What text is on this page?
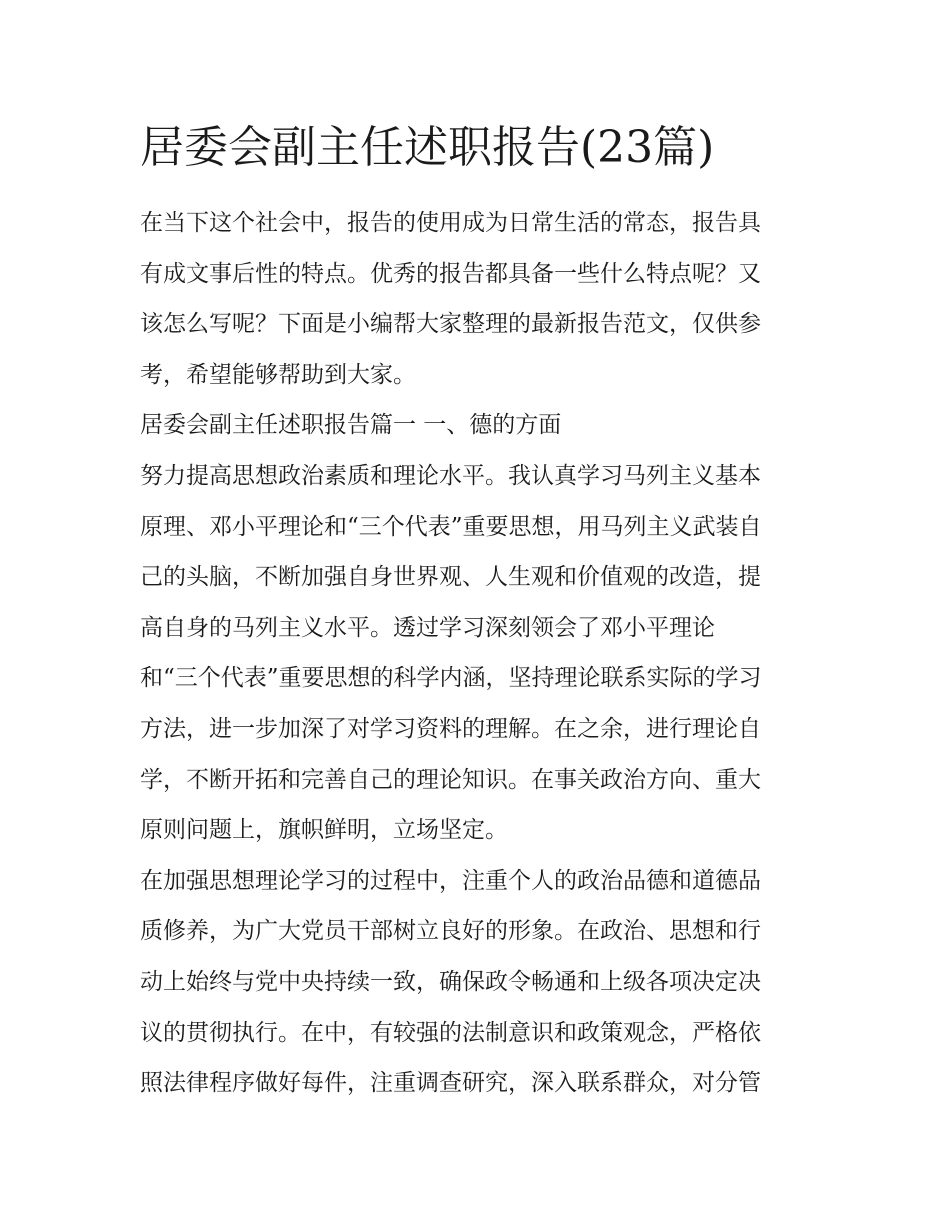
居委会副主任述职报告(23篇)
在当下这个社会中，报告的使用成为日常生活的常态，报告具
有成文事后性的特点。优秀的报告都具备一些什么特点呢？又
该怎么写呢？下面是小编帮大家整理的最新报告范文，仅供参
考，希望能够帮助到大家。
居委会副主任述职报告篇一 一、德的方面
努力提高思想政治素质和理论水平。我认真学习马列主义基本
原理、邓小平理论和“三个代表”重要思想，用马列主义武装自
己的头脑，不断加强自身世界观、人生观和价值观的改造，提
高自身的马列主义水平。透过学习深刻领会了邓小平理论
和“三个代表”重要思想的科学内涵，坚持理论联系实际的学习
方法，进一步加深了对学习资料的理解。在之余，进行理论自
学，不断开拓和完善自己的理论知识。在事关政治方向、重大
原则问题上，旗帜鲜明，立场坚定。
在加强思想理论学习的过程中，注重个人的政治品德和道德品
质修养，为广大党员干部树立良好的形象。在政治、思想和行
动上始终与党中央持续一致，确保政令畅通和上级各项决定决
议的贯彻执行。在中，有较强的法制意识和政策观念，严格依
照法律程序做好每件，注重调查研究，深入联系群众，对分管
